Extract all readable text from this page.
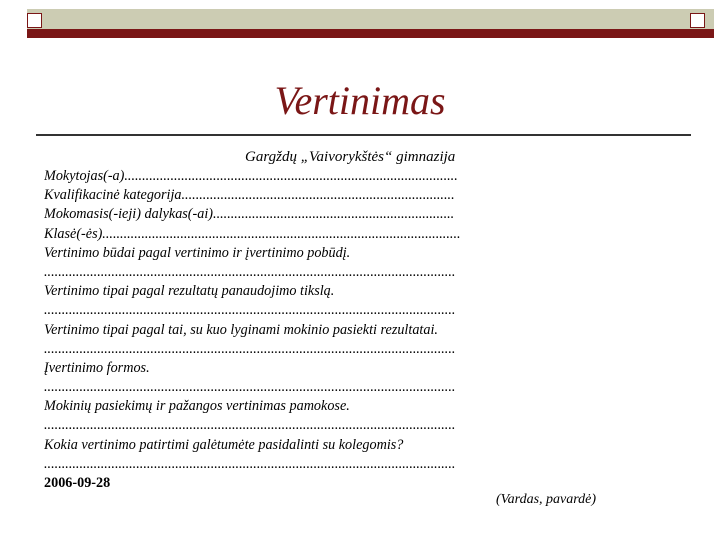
Vertinimas
Gargždų „Vaivorykštės“ gimnazija
Mokytojas(-a)..............................................................................................
Kvalifikacinė kategorija.............................................................................
Mokomasis(-ieji) dalykas(-ai)....................................................................
Klasė(-ės).....................................................................................................
Vertinimo būdai pagal vertinimo ir įvertinimo pobūdį.
....................................................................................................................
Vertinimo tipai pagal rezultatų panaudojimo tikslą.
....................................................................................................................
Vertinimo tipai pagal tai, su kuo lyginami mokinio pasiekti rezultatai.
....................................................................................................................
Įvertinimo formos.
....................................................................................................................
Mokinių pasiekimų ir pažangos vertinimas pamokose.
....................................................................................................................
Kokia vertinimo patirtimi galėtumėte pasidalinti su kolegomis?
....................................................................................................................
2006-09-28
(Vardas, pavardė)
